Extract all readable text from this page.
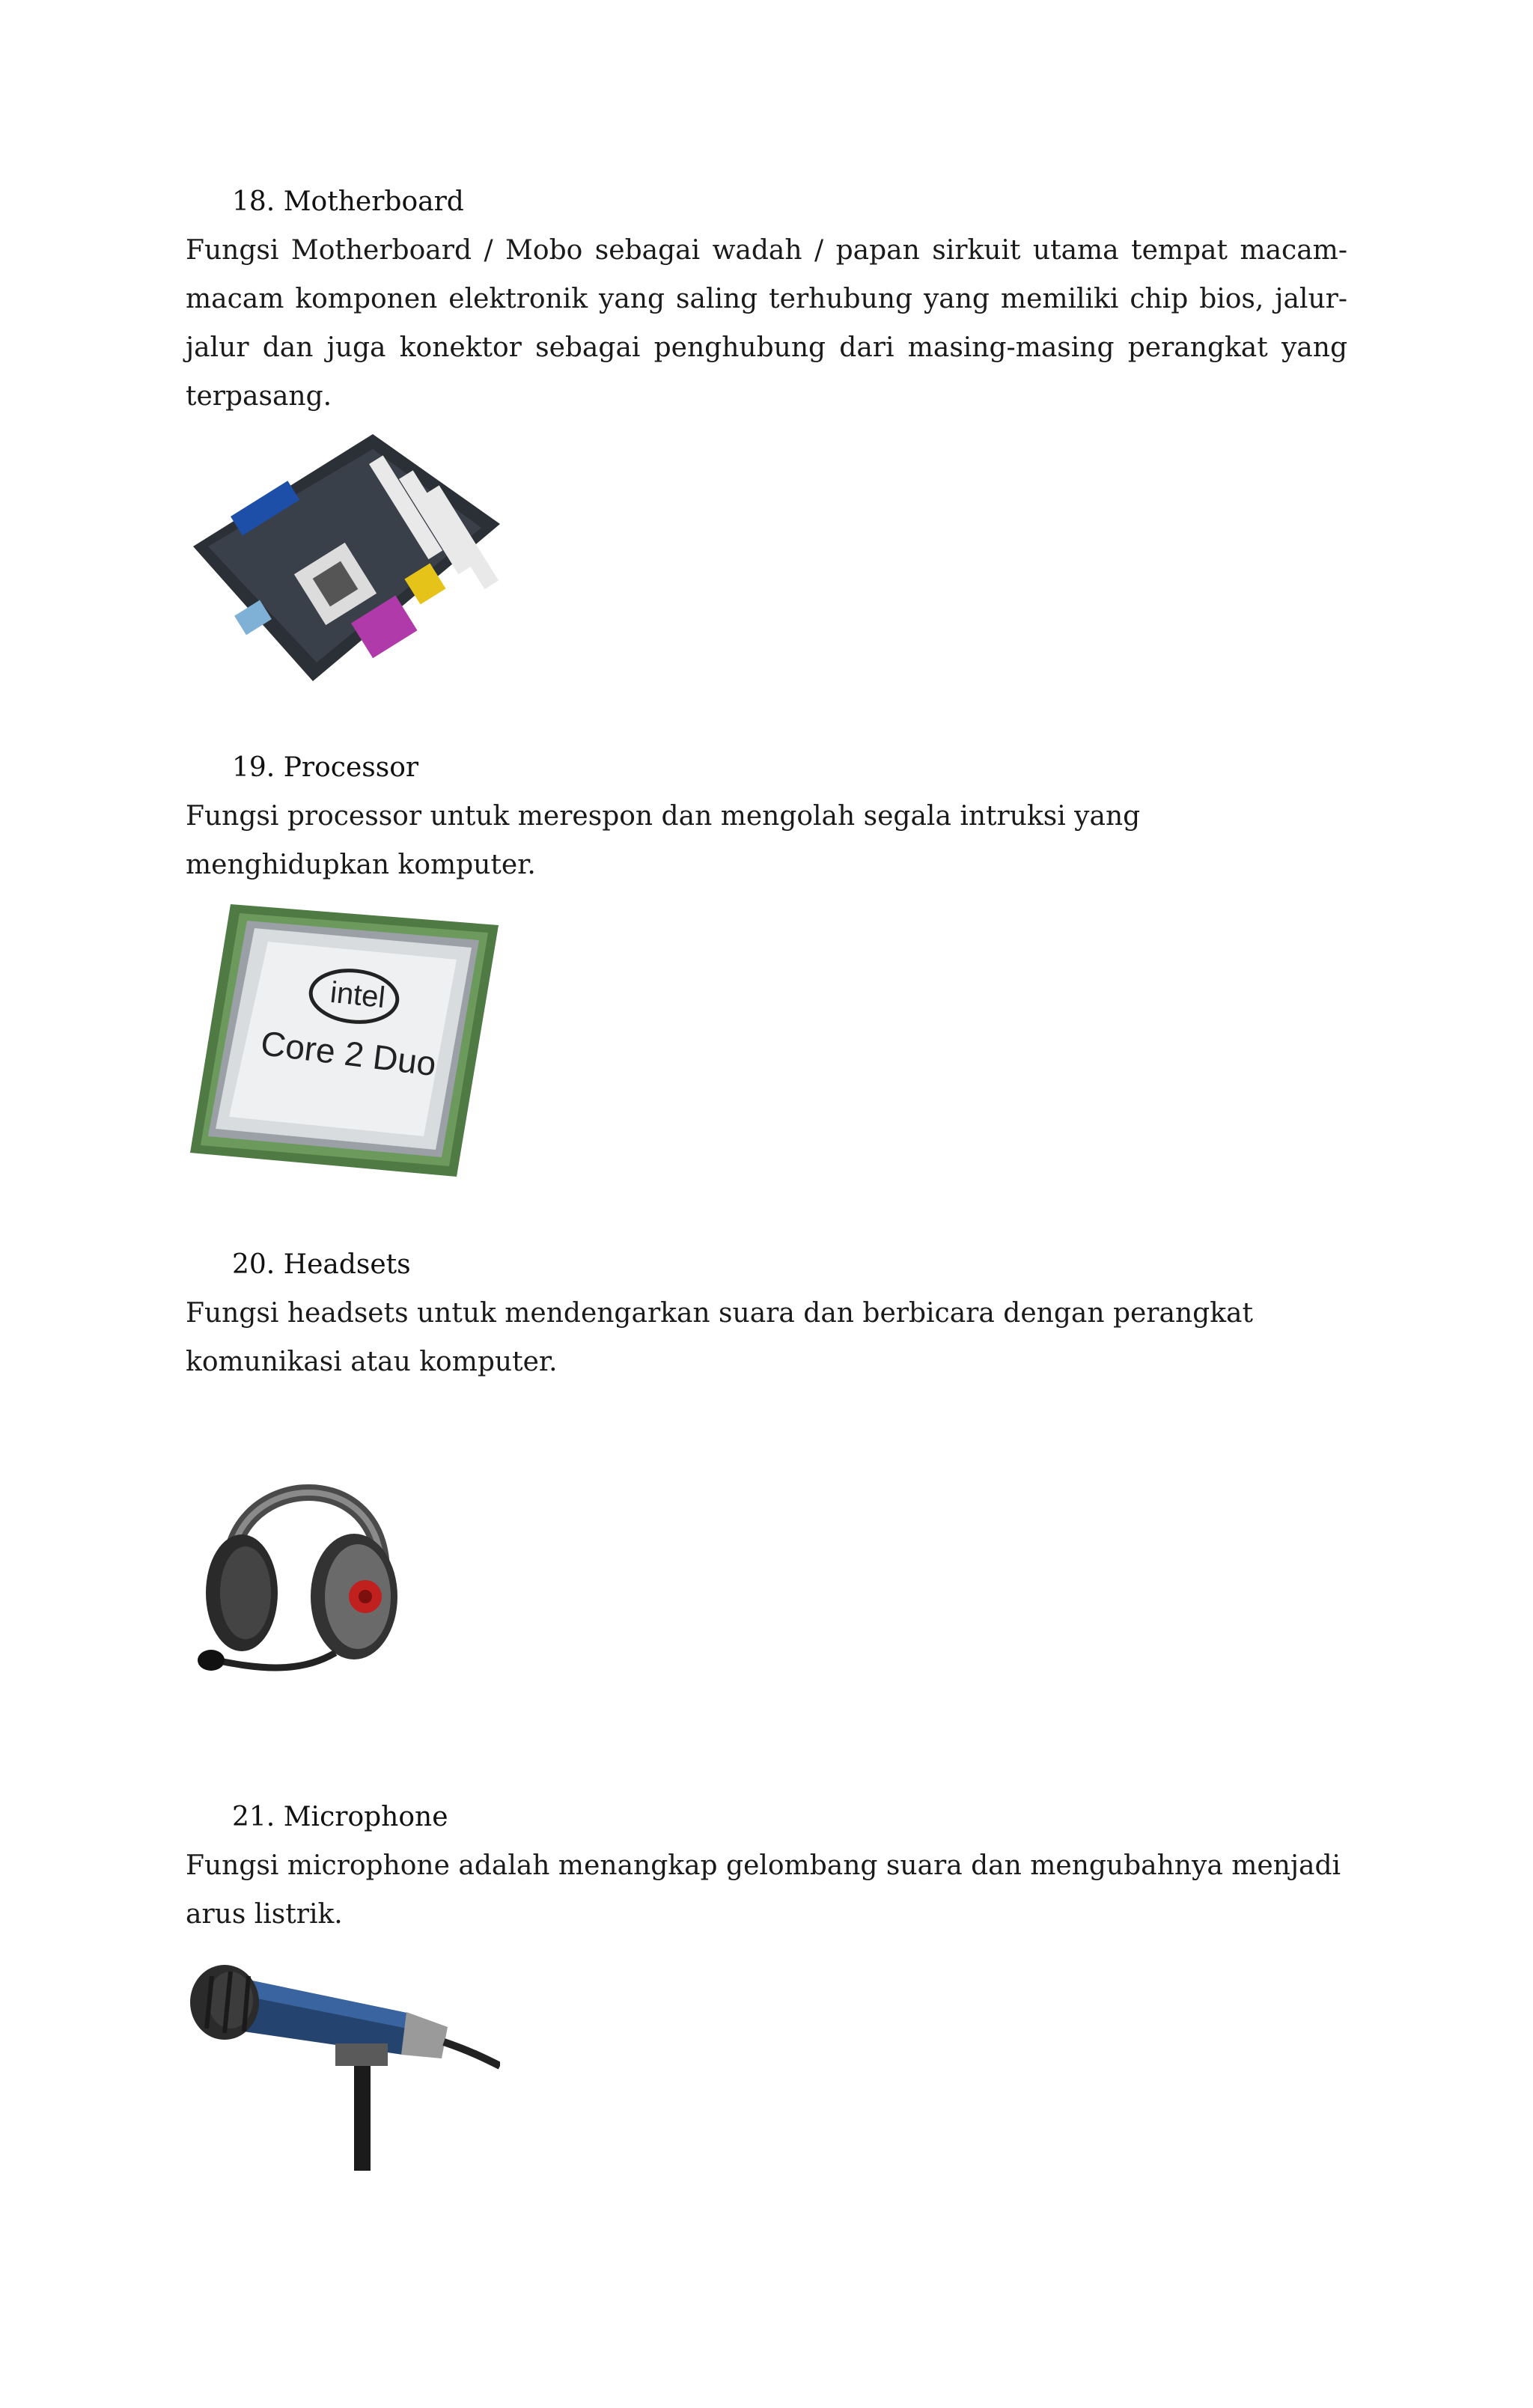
18. Motherboard

Fungsi Motherboard / Mobo sebagai wadah / papan sirkuit utama tempat macam-macam komponen elektronik yang saling terhubung yang memiliki chip bios, jalur-jalur dan juga konektor sebagai penghubung dari masing-masing perangkat yang terpasang.

19. Processor

Fungsi processor untuk merespon dan mengolah segala intruksi yang menghidupkan komputer.

intel
Core 2 Duo
20. Headsets

Fungsi headsets untuk mendengarkan suara dan berbicara dengan perangkat komunikasi atau komputer.

21. Microphone

Fungsi microphone adalah menangkap gelombang suara dan mengubahnya menjadi arus listrik.
